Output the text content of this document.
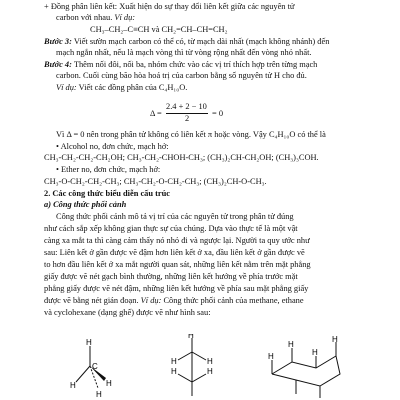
+ Đồng phân liên kết: Xuất hiện do sự thay đổi liên kết giữa các nguyên tử
carbon với nhau. Ví dụ:
CH₃–CH₂–C≡CH và CH₂=CH–CH=CH₂
Bước 3: Viết sườn mạch carbon có thể có, từ mạch dài nhất (mạch không nhánh) đến
mạch ngắn nhất, nếu là mạch vòng thì từ vòng rộng nhất đến vòng nhỏ nhất.
Bước 4: Thêm nối đôi, nối ba, nhóm chức vào các vị trí thích hợp trên từng mạch
carbon. Cuối cùng bão hòa hoá trị của carbon bằng số nguyên tử H cho đủ.
Ví dụ: Viết các đồng phân của C₄H₁₀O.
Δ =
2.4 + 2 − 10
2
= 0
Vì Δ = 0 nên trong phân tử không có liên kết π hoặc vòng. Vậy C₄H₁₀O có thể là
• Alcohol no, đơn chức, mạch hở:
CH₃-CH₂-CH₂-CH₂OH; CH₃-CH₂-CHOH-CH₃; (CH₃)₂CH-CH₂OH; (CH₃)₃COH.
• Ether no, đơn chức, mạch hở:
CH₃-O-CH₂-CH₂-CH₃; CH₃-CH₂-O-CH₂-CH₃; (CH₃)₂CH-O-CH₃.
2. Các công thức biểu diễn cấu trúc
a) Công thức phối cảnh
Công thức phối cảnh mô tả vị trí của các nguyên tử trong phân tử đúng
như cách sắp xếp không gian thực sự của chúng. Dựa vào thực tế là một vật
càng xa mắt ta thì càng cảm thấy nó nhỏ đi và ngược lại. Người ta quy ước như
sau: Liên kết ở gần được vẽ đậm hơn liên kết ở xa, đầu liên kết ở gần được vẽ
to hơn đầu liên kết ở xa mắt người quan sát, những liên kết nằm trên mặt phẳng
giấy được vẽ nét gạch bình thường, những liên kết hướng về phía trước mặt
phẳng giấy được vẽ nét đậm, những liên kết hướng về phía sau mặt phẳng giấy
được vẽ bằng nét gián đoạn. Ví dụ: Công thức phối cảnh của methane, ethane
và cyclohexane (dạng ghế) được vẽ như hình sau:
H
C
H	H
H
H
H	H
H	H
H
H
H
H
